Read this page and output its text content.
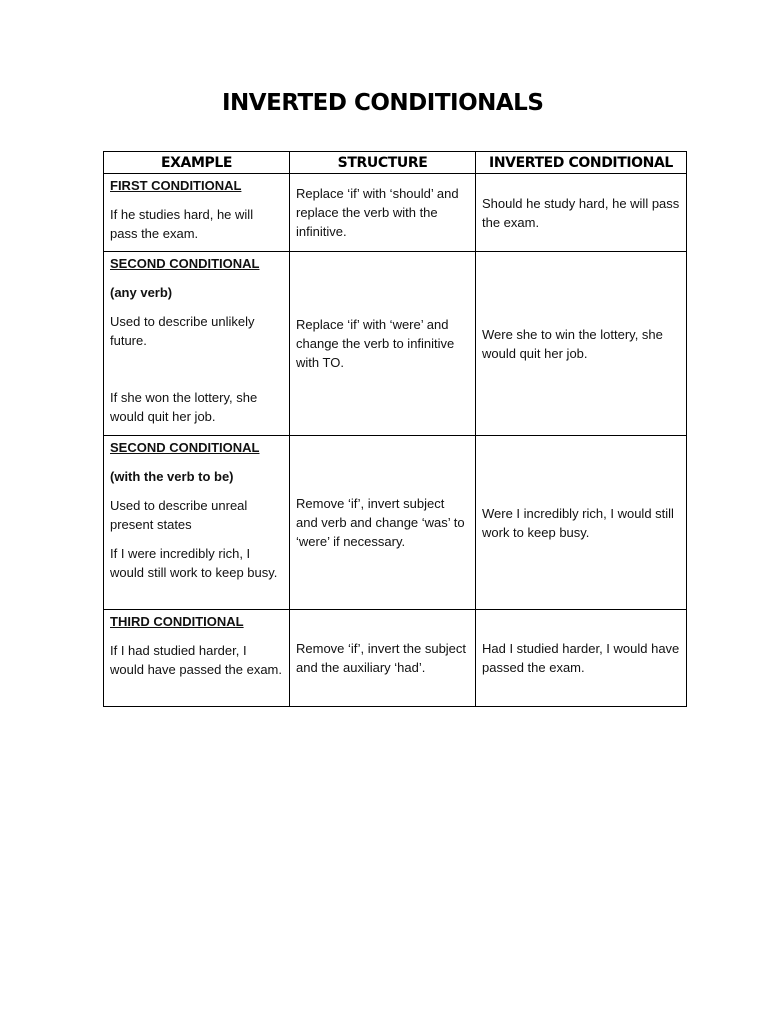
INVERTED CONDITIONALS
EXAMPLE	STRUCTURE	INVERTED CONDITIONAL

FIRST CONDITIONAL
If he studies hard, he will pass the exam.	Replace ‘if’ with ‘should’ and replace the verb with the infinitive.	Should he study hard, he will pass the exam.

SECOND CONDITIONAL
(any verb)
Used to describe unlikely future.
If she won the lottery, she would quit her job.	Replace ‘if’ with ‘were’ and change the verb to infinitive with TO.	Were she to win the lottery, she would quit her job.

SECOND CONDITIONAL
(with the verb to be)
Used to describe unreal present states
If I were incredibly rich, I would still work to keep busy.	Remove ‘if’, invert subject and verb and change ‘was’ to ‘were’ if necessary.	Were I incredibly rich, I would still work to keep busy.

THIRD CONDITIONAL
If I had studied harder, I would have passed the exam.	Remove ‘if’, invert the subject and the auxiliary ‘had’.	Had I studied harder, I would have passed the exam.
